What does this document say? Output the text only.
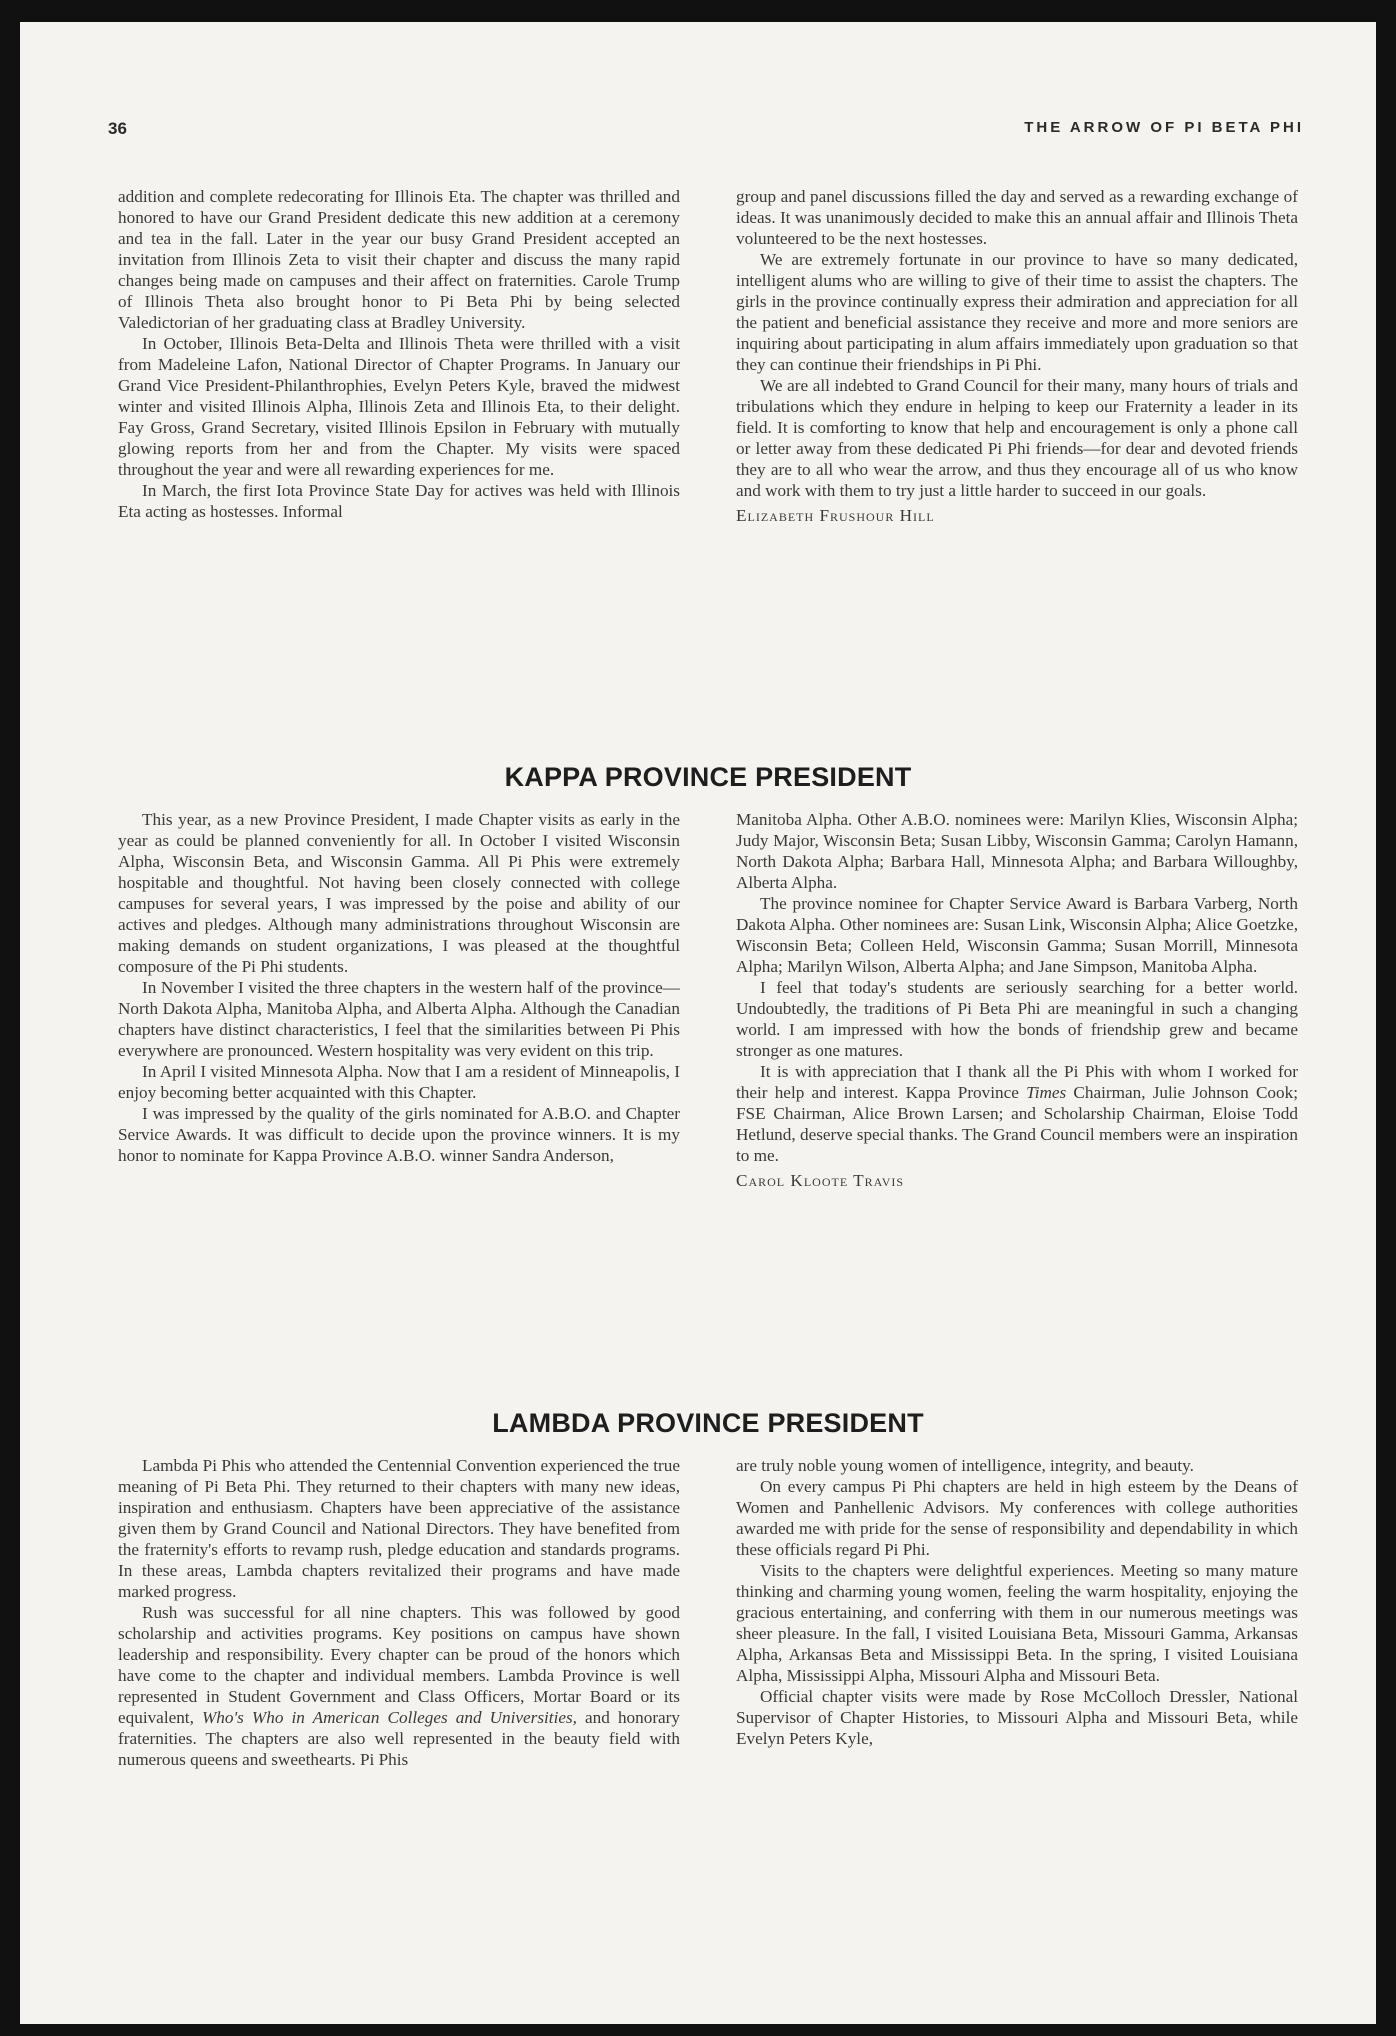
36	THE ARROW OF PI BETA PHI

addition and complete redecorating for Illinois Eta. The chapter was thrilled and honored to have our Grand President dedicate this new addition at a ceremony and tea in the fall. Later in the year our busy Grand President accepted an invitation from Illinois Zeta to visit their chapter and discuss the many rapid changes being made on campuses and their affect on fraternities. Carole Trump of Illinois Theta also brought honor to Pi Beta Phi by being selected Valedictorian of her graduating class at Bradley University.

In October, Illinois Beta-Delta and Illinois Theta were thrilled with a visit from Madeleine Lafon, National Director of Chapter Programs. In January our Grand Vice President-Philanthrophies, Evelyn Peters Kyle, braved the midwest winter and visited Illinois Alpha, Illinois Zeta and Illinois Eta, to their delight. Fay Gross, Grand Secretary, visited Illinois Epsilon in February with mutually glowing reports from her and from the Chapter. My visits were spaced throughout the year and were all rewarding experiences for me.

In March, the first Iota Province State Day for actives was held with Illinois Eta acting as hostesses. Informal

group and panel discussions filled the day and served as a rewarding exchange of ideas. It was unanimously decided to make this an annual affair and Illinois Theta volunteered to be the next hostesses.

We are extremely fortunate in our province to have so many dedicated, intelligent alums who are willing to give of their time to assist the chapters. The girls in the province continually express their admiration and appreciation for all the patient and beneficial assistance they receive and more and more seniors are inquiring about participating in alum affairs immediately upon graduation so that they can continue their friendships in Pi Phi.

We are all indebted to Grand Council for their many, many hours of trials and tribulations which they endure in helping to keep our Fraternity a leader in its field. It is comforting to know that help and encouragement is only a phone call or letter away from these dedicated Pi Phi friends—for dear and devoted friends they are to all who wear the arrow, and thus they encourage all of us who know and work with them to try just a little harder to succeed in our goals.

Elizabeth Frushour Hill

KAPPA PROVINCE PRESIDENT

This year, as a new Province President, I made Chapter visits as early in the year as could be planned conveniently for all. In October I visited Wisconsin Alpha, Wisconsin Beta, and Wisconsin Gamma. All Pi Phis were extremely hospitable and thoughtful. Not having been closely connected with college campuses for several years, I was impressed by the poise and ability of our actives and pledges. Although many administrations throughout Wisconsin are making demands on student organizations, I was pleased at the thoughtful composure of the Pi Phi students.

In November I visited the three chapters in the western half of the province—North Dakota Alpha, Manitoba Alpha, and Alberta Alpha. Although the Canadian chapters have distinct characteristics, I feel that the similarities between Pi Phis everywhere are pronounced. Western hospitality was very evident on this trip.

In April I visited Minnesota Alpha. Now that I am a resident of Minneapolis, I enjoy becoming better acquainted with this Chapter.

I was impressed by the quality of the girls nominated for A.B.O. and Chapter Service Awards. It was difficult to decide upon the province winners. It is my honor to nominate for Kappa Province A.B.O. winner Sandra Anderson,

Manitoba Alpha. Other A.B.O. nominees were: Marilyn Klies, Wisconsin Alpha; Judy Major, Wisconsin Beta; Susan Libby, Wisconsin Gamma; Carolyn Hamann, North Dakota Alpha; Barbara Hall, Minnesota Alpha; and Barbara Willoughby, Alberta Alpha.

The province nominee for Chapter Service Award is Barbara Varberg, North Dakota Alpha. Other nominees are: Susan Link, Wisconsin Alpha; Alice Goetzke, Wisconsin Beta; Colleen Held, Wisconsin Gamma; Susan Morrill, Minnesota Alpha; Marilyn Wilson, Alberta Alpha; and Jane Simpson, Manitoba Alpha.

I feel that today's students are seriously searching for a better world. Undoubtedly, the traditions of Pi Beta Phi are meaningful in such a changing world. I am impressed with how the bonds of friendship grew and became stronger as one matures.

It is with appreciation that I thank all the Pi Phis with whom I worked for their help and interest. Kappa Province Times Chairman, Julie Johnson Cook; FSE Chairman, Alice Brown Larsen; and Scholarship Chairman, Eloise Todd Hetlund, deserve special thanks. The Grand Council members were an inspiration to me.

Carol Kloote Travis

LAMBDA PROVINCE PRESIDENT

Lambda Pi Phis who attended the Centennial Convention experienced the true meaning of Pi Beta Phi. They returned to their chapters with many new ideas, inspiration and enthusiasm. Chapters have been appreciative of the assistance given them by Grand Council and National Directors. They have benefited from the fraternity's efforts to revamp rush, pledge education and standards programs. In these areas, Lambda chapters revitalized their programs and have made marked progress.

Rush was successful for all nine chapters. This was followed by good scholarship and activities programs. Key positions on campus have shown leadership and responsibility. Every chapter can be proud of the honors which have come to the chapter and individual members. Lambda Province is well represented in Student Government and Class Officers, Mortar Board or its equivalent, Who's Who in American Colleges and Universities, and honorary fraternities. The chapters are also well represented in the beauty field with numerous queens and sweethearts. Pi Phis

are truly noble young women of intelligence, integrity, and beauty.

On every campus Pi Phi chapters are held in high esteem by the Deans of Women and Panhellenic Advisors. My conferences with college authorities awarded me with pride for the sense of responsibility and dependability in which these officials regard Pi Phi.

Visits to the chapters were delightful experiences. Meeting so many mature thinking and charming young women, feeling the warm hospitality, enjoying the gracious entertaining, and conferring with them in our numerous meetings was sheer pleasure. In the fall, I visited Louisiana Beta, Missouri Gamma, Arkansas Alpha, Arkansas Beta and Mississippi Beta. In the spring, I visited Louisiana Alpha, Mississippi Alpha, Missouri Alpha and Missouri Beta.

Official chapter visits were made by Rose McColloch Dressler, National Supervisor of Chapter Histories, to Missouri Alpha and Missouri Beta, while Evelyn Peters Kyle,
